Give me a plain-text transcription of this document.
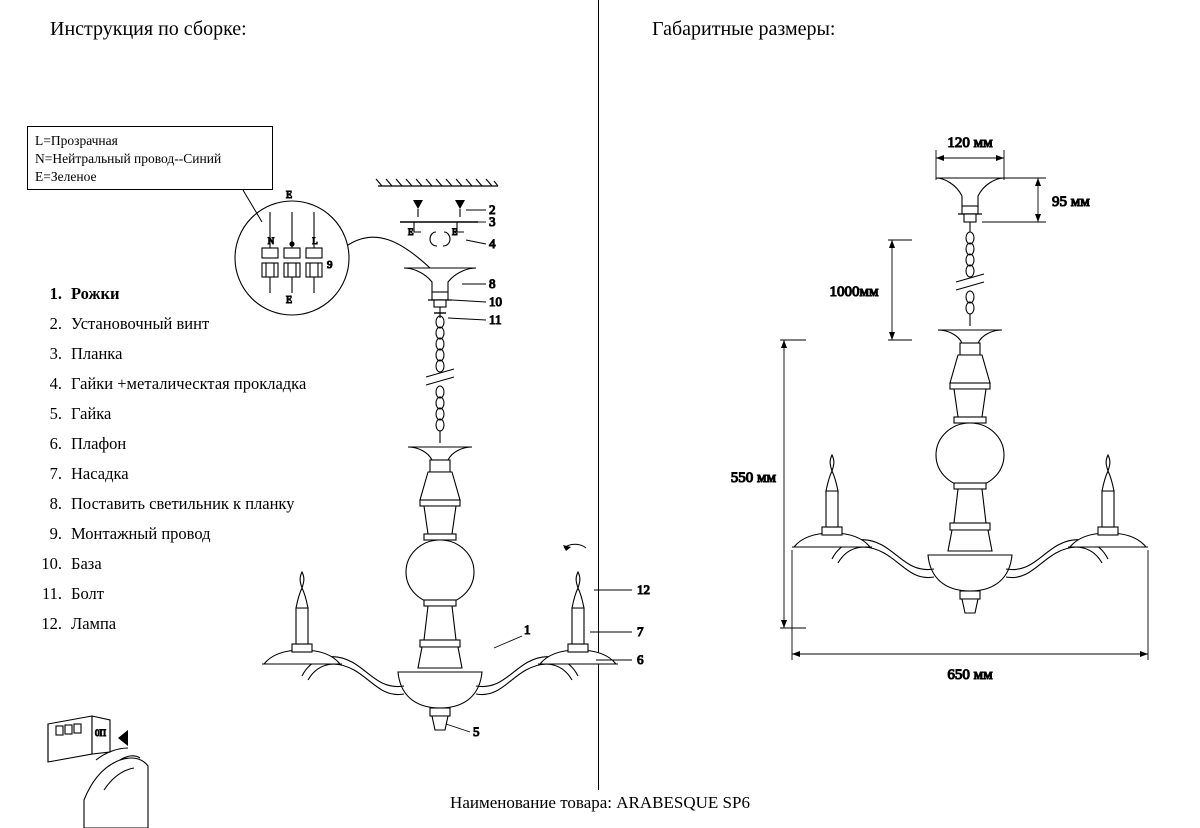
Инструкция по сборке:	Габаритные размеры:
L=Прозрачная
N=Нейтральный провод--Синий
E=Зеленое
1. Рожки
2. Установочный винт
3. Планка
4. Гайки +металическтая прокладка
5. Гайка
6. Плафон
7. Насадка
8. Поставить светильник к планку
9. Монтажный провод
10. База
11. Болт
12. Лампа
E
E
N	L
9
2
3
4
8
10
11
12
7
6
5
1
E	E
0П
120 мм
95 мм
1000мм
550 мм
650 мм
Наименование товара: ARABESQUE SP6
